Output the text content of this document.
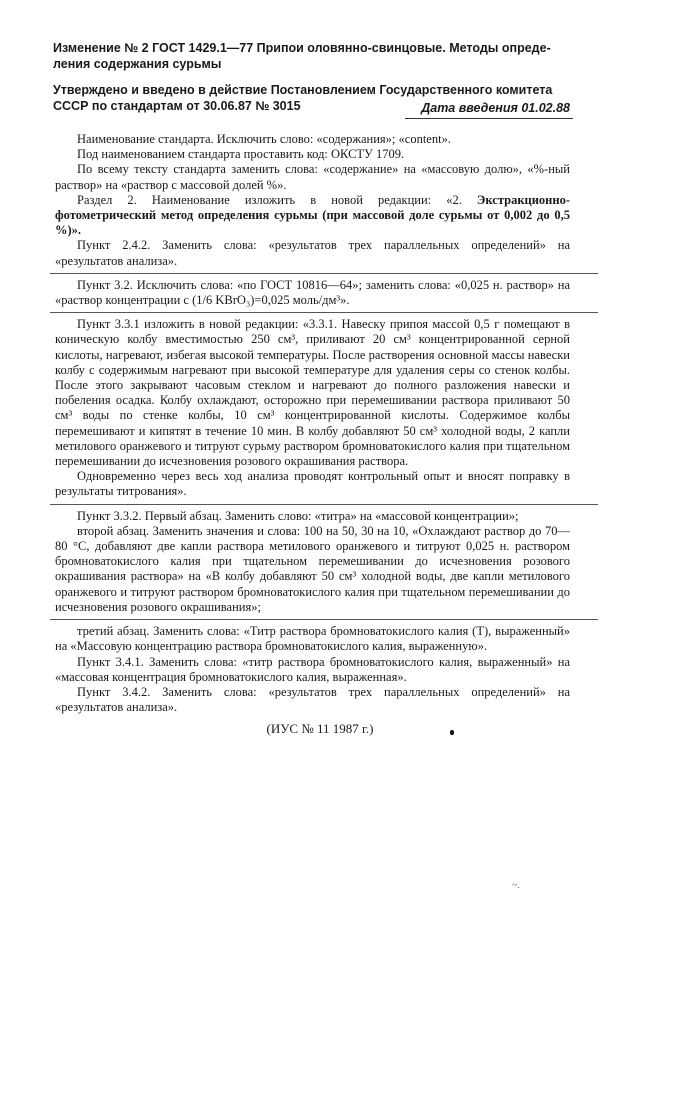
Изменение № 2 ГОСТ 1429.1—77 Припои оловянно-свинцовые. Методы опреде-
ления содержания сурьмы
Утверждено и введено в действие Постановлением Государственного комитета
СССР по стандартам от 30.06.87 № 3015	Дата введения 01.02.88

Наименование стандарта. Исключить слово: «содержания»; «content».

Под наименованием стандарта проставить код: ОКСТУ 1709.

По всему тексту стандарта заменить слова: «содержание» на «массовую долю», «%-ный раствор» на «раствор с массовой долей %».

Раздел 2. Наименование изложить в новой редакции: «2. Экстракционно-фотометрический метод определения сурьмы (при массовой доле сурьмы от 0,002 до 0,5 %)».

Пункт 2.4.2. Заменить слова: «результатов трех параллельных определений» на «результатов анализа».

Пункт 3.2. Исключить слова: «по ГОСТ 10816—64»; заменить слова: «0,025 н. раствор» на «раствор концентрации c (1/6 KBrO₃)=0,025 моль/дм³».

Пункт 3.3.1 изложить в новой редакции: «3.3.1. Навеску припоя массой 0,5 г помещают в коническую колбу вместимостью 250 см³, приливают 20 см³ концентрированной серной кислоты, нагревают, избегая высокой температуры. После растворения основной массы навески колбу с содержимым нагревают при высокой температуре для удаления серы со стенок колбы. После этого закрывают часовым стеклом и нагревают до полного разложения навески и побеления осадка. Колбу охлаждают, осторожно при перемешивании раствора приливают 50 см³ воды по стенке колбы, 10 см³ концентрированной кислоты. Содержимое колбы перемешивают и кипятят в течение 10 мин. В колбу добавляют 50 см³ холодной воды, 2 капли метилового оранжевого и титруют сурьму раствором бромноватокислого калия при тщательном перемешивании до исчезновения розового окрашивания раствора.

Одновременно через весь ход анализа проводят контрольный опыт и вносят поправку в результаты титрования».

Пункт 3.3.2. Первый абзац. Заменить слово: «титра» на «массовой концентрации»;

второй абзац. Заменить значения и слова: 100 на 50, 30 на 10, «Охлаждают раствор до 70—80 °С, добавляют две капли раствора метилового оранжевого и титруют 0,025 н. раствором бромноватокислого калия при тщательном перемешивании до исчезновения розового окрашивания раствора» на «В колбу добавляют 50 см³ холодной воды, две капли метилового оранжевого и титруют раствором бромноватокислого калия при тщательном перемешивании до исчезновения розового окрашивания»;

третий абзац. Заменить слова: «Титр раствора бромноватокислого калия (Т), выраженный» на «Массовую концентрацию раствора бромноватокислого калия, выраженную».

Пункт 3.4.1. Заменить слова: «титр раствора бромноватокислого калия, выраженный» на «массовая концентрация бромноватокислого калия, выраженная».

Пункт 3.4.2. Заменить слова: «результатов трех параллельных определений» на «результатов анализа».

(ИУС № 11 1987 г.)
~.
